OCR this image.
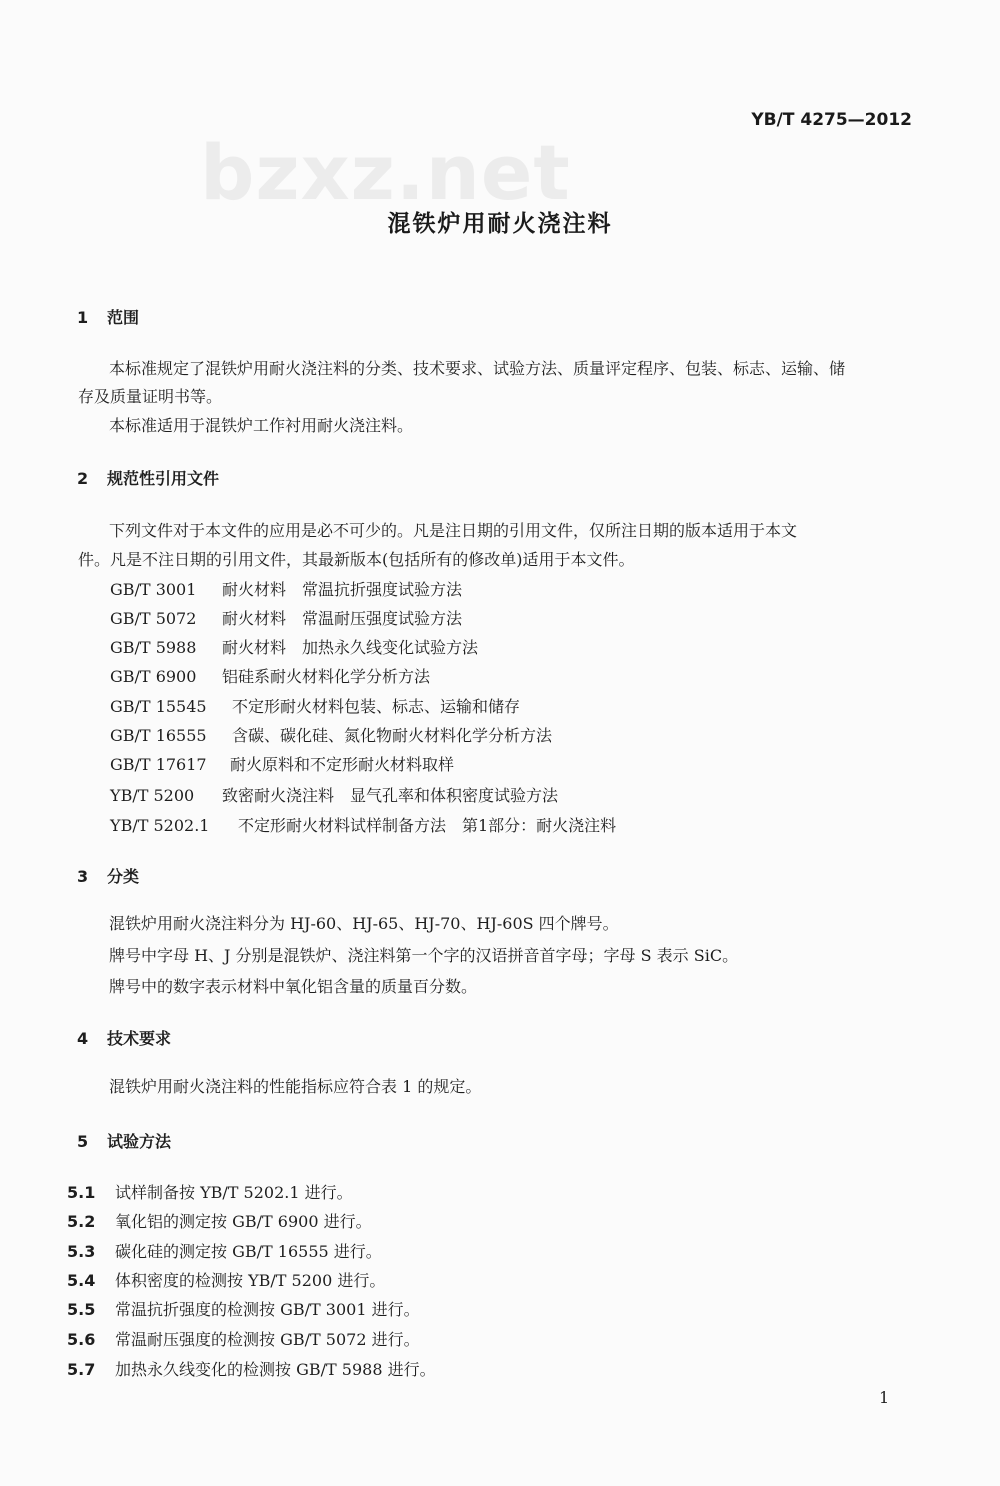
bzxz.net
YB/T 4275—2012
混铁炉用耐火浇注料
1 范围
本标准规定了混铁炉用耐火浇注料的分类、技术要求、试验方法、质量评定程序、包装、标志、运输、储
存及质量证明书等。
本标准适用于混铁炉工作衬用耐火浇注料。
2 规范性引用文件
下列文件对于本文件的应用是必不可少的。凡是注日期的引用文件，仅所注日期的版本适用于本文
件。凡是不注日期的引用文件，其最新版本(包括所有的修改单)适用于本文件。
GB/T 3001 耐火材料　常温抗折强度试验方法
GB/T 5072 耐火材料　常温耐压强度试验方法
GB/T 5988 耐火材料　加热永久线变化试验方法
GB/T 6900 铝硅系耐火材料化学分析方法
GB/T 15545 不定形耐火材料包装、标志、运输和储存
GB/T 16555 含碳、碳化硅、氮化物耐火材料化学分析方法
GB/T 17617 耐火原料和不定形耐火材料取样
YB/T 5200 致密耐火浇注料　显气孔率和体积密度试验方法
YB/T 5202.1 不定形耐火材料试样制备方法　第1部分：耐火浇注料
3 分类
混铁炉用耐火浇注料分为 HJ-60、HJ-65、HJ-70、HJ-60S 四个牌号。
牌号中字母 H、J 分别是混铁炉、浇注料第一个字的汉语拼音首字母；字母 S 表示 SiC。
牌号中的数字表示材料中氧化铝含量的质量百分数。
4 技术要求
混铁炉用耐火浇注料的性能指标应符合表 1 的规定。
5 试验方法
5.1 试样制备按 YB/T 5202.1 进行。
5.2 氧化铝的测定按 GB/T 6900 进行。
5.3 碳化硅的测定按 GB/T 16555 进行。
5.4 体积密度的检测按 YB/T 5200 进行。
5.5 常温抗折强度的检测按 GB/T 3001 进行。
5.6 常温耐压强度的检测按 GB/T 5072 进行。
5.7 加热永久线变化的检测按 GB/T 5988 进行。
1
